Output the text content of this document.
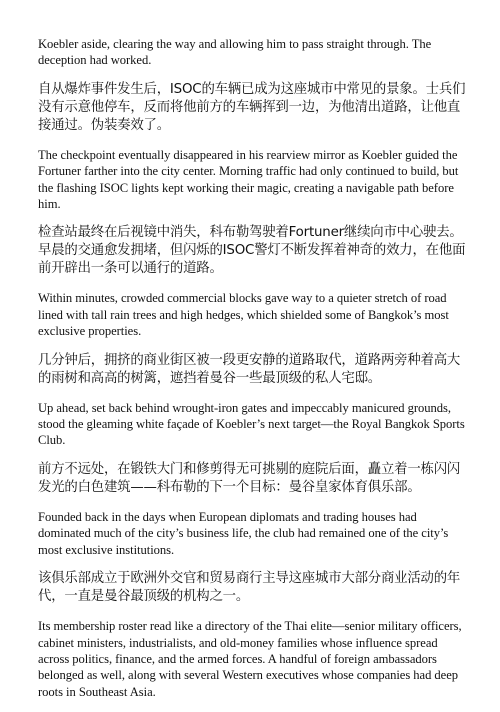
Koebler aside, clearing the way and allowing him to pass straight through. The deception had worked.

自从爆炸事件发生后，ISOC的车辆已成为这座城市中常见的景象。士兵们没有示意他停车，反而将他前方的车辆挥到一边，为他清出道路，让他直接通过。伪装奏效了。

The checkpoint eventually disappeared in his rearview mirror as Koebler guided the Fortuner farther into the city center. Morning traffic had only continued to build, but the flashing ISOC lights kept working their magic, creating a navigable path before him.

检查站最终在后视镜中消失，科布勒驾驶着Fortuner继续向市中心驶去。早晨的交通愈发拥堵，但闪烁的ISOC警灯不断发挥着神奇的效力，在他面前开辟出一条可以通行的道路。

Within minutes, crowded commercial blocks gave way to a quieter stretch of road lined with tall rain trees and high hedges, which shielded some of Bangkok’s most exclusive properties.

几分钟后，拥挤的商业街区被一段更安静的道路取代，道路两旁种着高大的雨树和高高的树篱，遮挡着曼谷一些最顶级的私人宅邸。

Up ahead, set back behind wrought-iron gates and impeccably manicured grounds, stood the gleaming white façade of Koebler’s next target—the Royal Bangkok Sports Club.

前方不远处，在锻铁大门和修剪得无可挑剔的庭院后面，矗立着一栋闪闪发光的白色建筑——科布勒的下一个目标：曼谷皇家体育俱乐部。

Founded back in the days when European diplomats and trading houses had dominated much of the city’s business life, the club had remained one of the city’s most exclusive institutions.

该俱乐部成立于欧洲外交官和贸易商行主导这座城市大部分商业活动的年代，一直是曼谷最顶级的机构之一。

Its membership roster read like a directory of the Thai elite—senior military officers, cabinet ministers, industrialists, and old-money families whose influence spread across politics, finance, and the armed forces. A handful of foreign ambassadors belonged as well, along with several Western executives whose companies had deep roots in Southeast Asia.
